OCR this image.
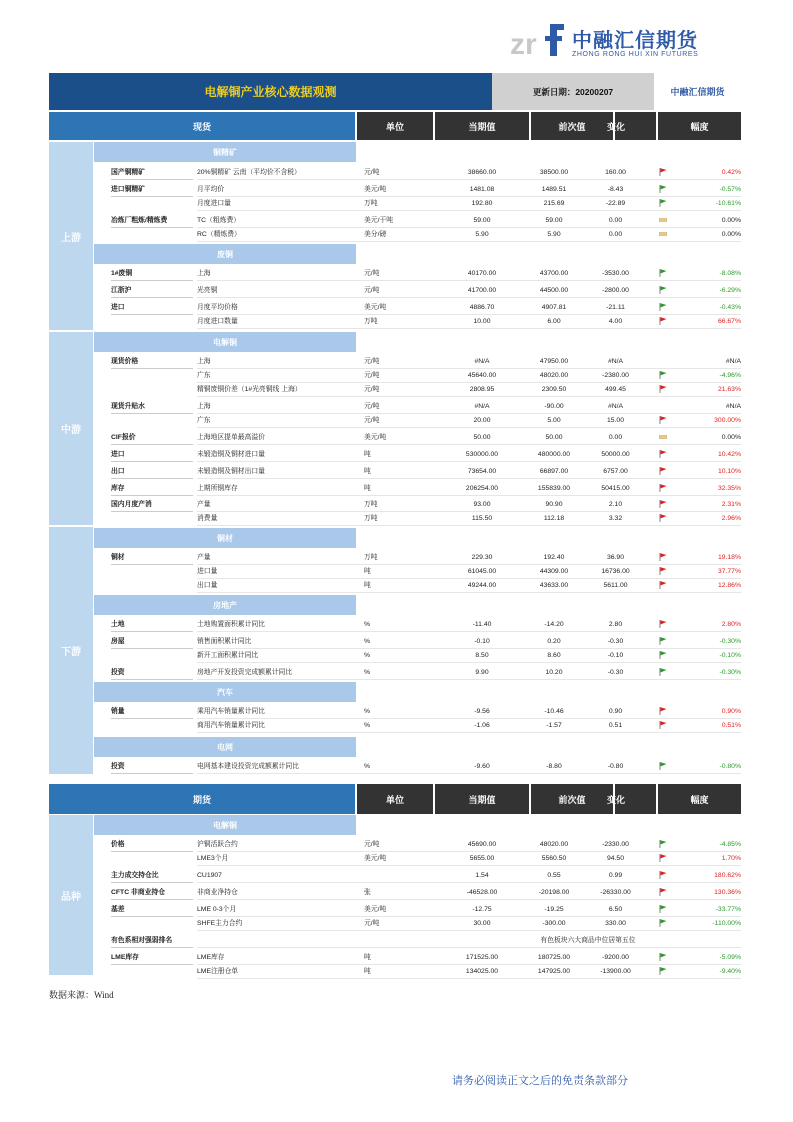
zr 中融汇信期货
ZHONG RONG HUI XIN FUTURES
电解铜产业核心数据观测	更新日期：20200207	中融汇信期货
现货	单位	当期值	前次值	变化	幅度
上游
中游
下游
铜精矿
废铜
电解铜
铜材
房地产
汽车
电网
期货	单位	当期值	前次值	变化	幅度
品种
电解铜
国产铜精矿	20%铜精矿 云南（平均价不含税）	元/吨	38660.00	38500.00	160.00	0.42%
进口铜精矿	月平均价	美元/吨	1481.08	1489.51	-8.43	-0.57%
月度进口量	万吨	192.80	215.69	-22.89	-10.61%
冶炼厂粗炼/精炼费	TC（粗炼费）	美元/干吨	59.00	59.00	0.00	0.00%
RC（精炼费）	美分/磅	5.90	5.90	0.00	0.00%
1#废铜	上海	元/吨	40170.00	43700.00	-3530.00	-8.08%
江浙沪	光亮铜	元/吨	41700.00	44500.00	-2800.00	-6.29%
进口	月度平均价格	美元/吨	4886.70	4907.81	-21.11	-0.43%
月度进口数量	万吨	10.00	6.00	4.00	66.67%
现货价格	上海	元/吨	#N/A	47950.00	#N/A	#N/A
广东	元/吨	45640.00	48020.00	-2380.00	-4.96%
精铜废铜价差（1#光亮铜线 上海）	元/吨	2808.95	2309.50	499.45	21.63%
现货升贴水	上海	元/吨	#N/A	-90.00	#N/A	#N/A
广东	元/吨	20.00	5.00	15.00	300.00%
CIF报价	上海地区提单最高溢价	美元/吨	50.00	50.00	0.00	0.00%
进口	未锻造铜及铜材进口量	吨	530000.00	480000.00	50000.00	10.42%
出口	未锻造铜及铜材出口量	吨	73654.00	66897.00	6757.00	10.10%
库存	上期所铜库存	吨	206254.00	155839.00	50415.00	32.35%
国内月度产消	产量	万吨	93.00	90.90	2.10	2.31%
消费量	万吨	115.50	112.18	3.32	2.96%
铜材	产量	万吨	229.30	192.40	36.90	19.18%
进口量	吨	61045.00	44309.00	16736.00	37.77%
出口量	吨	49244.00	43633.00	5611.00	12.86%
土地	土地购置面积累计同比	%	-11.40	-14.20	2.80	2.80%
房屋	销售面积累计同比	%	-0.10	0.20	-0.30	-0.30%
新开工面积累计同比	%	8.50	8.60	-0.10	-0.10%
投资	房地产开发投资完成额累计同比	%	9.90	10.20	-0.30	-0.30%
销量	乘用汽车销量累计同比	%	-9.56	-10.46	0.90	0.90%
商用汽车销量累计同比	%	-1.06	-1.57	0.51	0.51%
投资	电网基本建设投资完成额累计同比	%	-9.60	-8.80	-0.80	-0.80%
价格	沪铜活跃合约	元/吨	45690.00	48020.00	-2330.00	-4.85%
LME3个月	美元/吨	5655.00	5560.50	94.50	1.70%
主力成交持仓比	CU1907	1.54	0.55	0.99	180.62%
CFTC 非商业持仓	非商业净持仓	张	-46528.00	-20198.00	-26330.00	130.36%
基差	LME 0-3个月	美元/吨	-12.75	-19.25	6.50	-33.77%
SHFE主力合约	元/吨	30.00	-300.00	330.00	-110.00%
有色系相对强弱排名	有色板块六大商品中位居第五位
LME库存	LME库存	吨	171525.00	180725.00	-9200.00	-5.09%
LME注册仓单	吨	134025.00	147925.00	-13900.00	-9.40%
数据来源：Wind
请务必阅读正文之后的免责条款部分
